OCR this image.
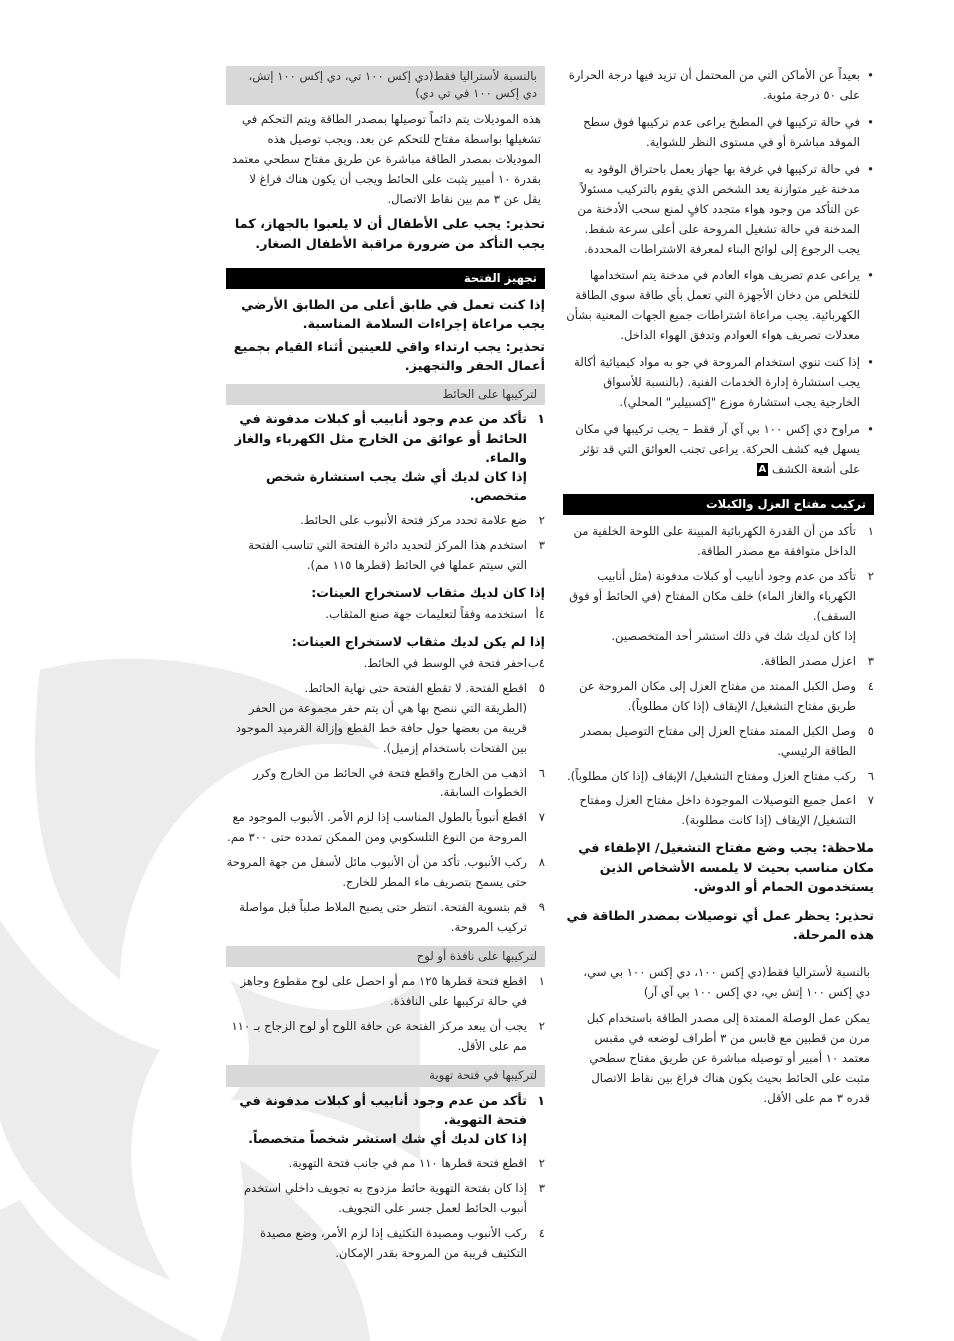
• بعيداً عن الأماكن التي من المحتمل أن تزيد فيها درجة الحرارة على ٥٠ درجة مئوية.
• في حالة تركيبها في المطبخ يراعى عدم تركيبها فوق سطح الموقد مباشرة أو في مستوى النظر للشواية.
• في حالة تركيبها في غرفة بها جهاز يعمل باحتراق الوقود به مدخنة غير متوازنة يعد الشخص الذي يقوم بالتركيب مسئولاً عن التأكد من وجود هواء متجدد كافٍ لمنع سحب الأدخنة من المدخنة في حالة تشغيل المروحة على أعلى سرعة شفط. يجب الرجوع إلى لوائح البناء لمعرفة الاشتراطات المحددة.
• يراعى عدم تصريف هواء العادم في مدخنة يتم استخدامها للتخلص من دخان الأجهزة التي تعمل بأي طاقة سوى الطاقة الكهربائية. يجب مراعاة اشتراطات جميع الجهات المعنية بشأن معدلات تصريف هواء العوادم وتدفق الهواء الداخل.
• إذا كنت تنوي استخدام المروحة في جو به مواد كيميائية أكالة يجب استشارة إدارة الخدمات الفنية. (بالنسبة للأسواق الخارجية يجب استشارة موزع "إكسبيلير" المحلي).
• مراوح دي إكس ١٠٠ بي آي آر فقط – يجب تركيبها في مكان يسهل فيه كشف الحركة. يراعى تجنب العوائق التي قد تؤثر على أشعة الكشف A
تركيب مفتاح العزل والكبلات
١
تأكد من أن القدرة الكهربائية المبينة على اللوحة الخلفية من الداخل متوافقة مع مصدر الطاقة.
٢
تأكد من عدم وجود أنابيب أو كبلات مدفونة (مثل أنابيب الكهرباء والغاز الماء) خلف مكان المفتاح (في الحائط أو فوق السقف).
إذا كان لديك شك في ذلك استشر أحد المتخصصين.
٣
اعزل مصدر الطاقة.
٤
وصل الكبل الممتد من مفتاح العزل إلى مكان المروحة عن طريق مفتاح التشغيل/ الإيقاف (إذا كان مطلوباً).
٥
وصل الكبل الممتد مفتاح العزل إلى مفتاح التوصيل بمصدر الطاقة الرئيسي.
٦
ركب مفتاح العزل ومفتاح التشغيل/ الإيقاف (إذا كان مطلوباً).
٧
اعمل جميع التوصيلات الموجودة داخل مفتاح العزل ومفتاح التشغيل/ الإيقاف (إذا كانت مطلوبة).

ملاحظة: يجب وضع مفتاح التشغيل/ الإطفاء في مكان مناسب بحيث لا يلمسه الأشخاص الذين يستخدمون الحمام أو الدوش.

تحذير: يحظر عمل أي توصيلات بمصدر الطاقة في هذه المرحلة.

بالنسبة لأستراليا فقط(دي إكس ١٠٠، دي إكس ١٠٠ بي سي، دي إكس ١٠٠ إتش بي، دي إكس ١٠٠ بي آي آر)

يمكن عمل الوصلة الممتدة إلى مصدر الطاقة باستخدام كبل مرن من قطبين مع قابس من ٣ أطراف لوضعه في مقبس معتمد ١٠ أمبير أو توصيله مباشرة عن طريق مفتاح سطحي مثبت على الحائط بحيث يكون هناك فراغ بين نقاط الاتصال قدره ٣ مم على الأقل.

بالنسبة لأستراليا فقط(دي إكس ١٠٠ تي، دي إكس ١٠٠ إتش، دي إكس ١٠٠ في تي دي)

هذه الموديلات يتم دائماً توصيلها بمصدر الطاقة ويتم التحكم في تشغيلها بواسطة مفتاح للتحكم عن بعد. ويجب توصيل هذه الموديلات بمصدر الطاقة مباشرة عن طريق مفتاح سطحي معتمد بقدرة ١٠ أمبير يثبت على الحائط ويجب أن يكون هناك فراغ لا يقل عن ٣ مم بين نقاط الاتصال.

تحذير: يجب على الأطفال أن لا يلعبوا بالجهاز، كما يجب التأكد من ضرورة مراقبة الأطفال الصغار.

تجهيز الفتحة

إذا كنت تعمل في طابق أعلى من الطابق الأرضي يجب مراعاة إجراءات السلامة المناسبة.

تحذير: يجب ارتداء واقي للعينين أثناء القيام بجميع أعمال الحفر والتجهيز.

لتركيبها على الحائط
١
تأكد من عدم وجود أنابيب أو كبلات مدفونة في الحائط أو عوائق من الخارج مثل الكهرباء والغاز والماء.
إذا كان لديك أي شك يجب استشارة شخص متخصص.
٢
ضع علامة تحدد مركز فتحة الأنبوب على الحائط.
٣
استخدم هذا المركز لتحديد دائرة الفتحة التي تناسب الفتحة التي سيتم عملها في الحائط (قطرها ١١٥ مم).

إذا كان لديك مثقاب لاستخراج العينات:

٤أ
استخدمه وفقاً لتعليمات جهة صنع المثقاب.

إذا لم يكن لديك مثقاب لاستخراج العينات:

٤ب
احفر فتحة في الوسط في الحائط.
٥
اقطع الفتحة. لا تقطع الفتحة حتى نهاية الحائط.
(الطريقة التي ننصح بها هي أن يتم حفر مجموعة من الحفر قريبة من بعضها حول حافة خط القطع وإزالة القرميد الموجود بين الفتحات باستخدام إزميل).
٦
اذهب من الخارج واقطع فتحة في الحائط من الخارج وكرر الخطوات السابقة.
٧
اقطع أنبوباً بالطول المناسب إذا لزم الأمر. الأنبوب الموجود مع المروحة من النوع التلسكوبي ومن الممكن تمدده حتى ٣٠٠ مم.
٨
ركب الأنبوب. تأكد من أن الأنبوب مائل لأسفل من جهة المروحة حتى يسمح بتصريف ماء المطر للخارج.
٩
قم بتسوية الفتحة. انتظر حتى يصبح الملاط صلباً قبل مواصلة تركيب المروحة.
لتركيبها على نافذة أو لوح
١
اقطع فتحة قطرها ١٢٥ مم أو احصل على لوح مقطوع وجاهز في حالة تركيبها على النافذة.
٢
يجب أن يبعد مركز الفتحة عن حافة اللوح أو لوح الزجاج بـ ١١٠ مم على الأقل.
لتركيبها في فتحة تهوية
١
تأكد من عدم وجود أنابيب أو كبلات مدفونة في فتحة التهوية.
إذا كان لديك أي شك استشر شخصاً متخصصاً.
٢
اقطع فتحة قطرها ١١٠ مم في جانب فتحة التهوية.
٣
إذا كان بفتحة التهوية حائط مزدوج به تجويف داخلي استخدم أنبوب الحائط لعمل جسر على التجويف.
٤
ركب الأنبوب ومصيدة التكثيف إذا لزم الأمر، وضع مصيدة التكثيف قريبة من المروحة بقدر الإمكان.
